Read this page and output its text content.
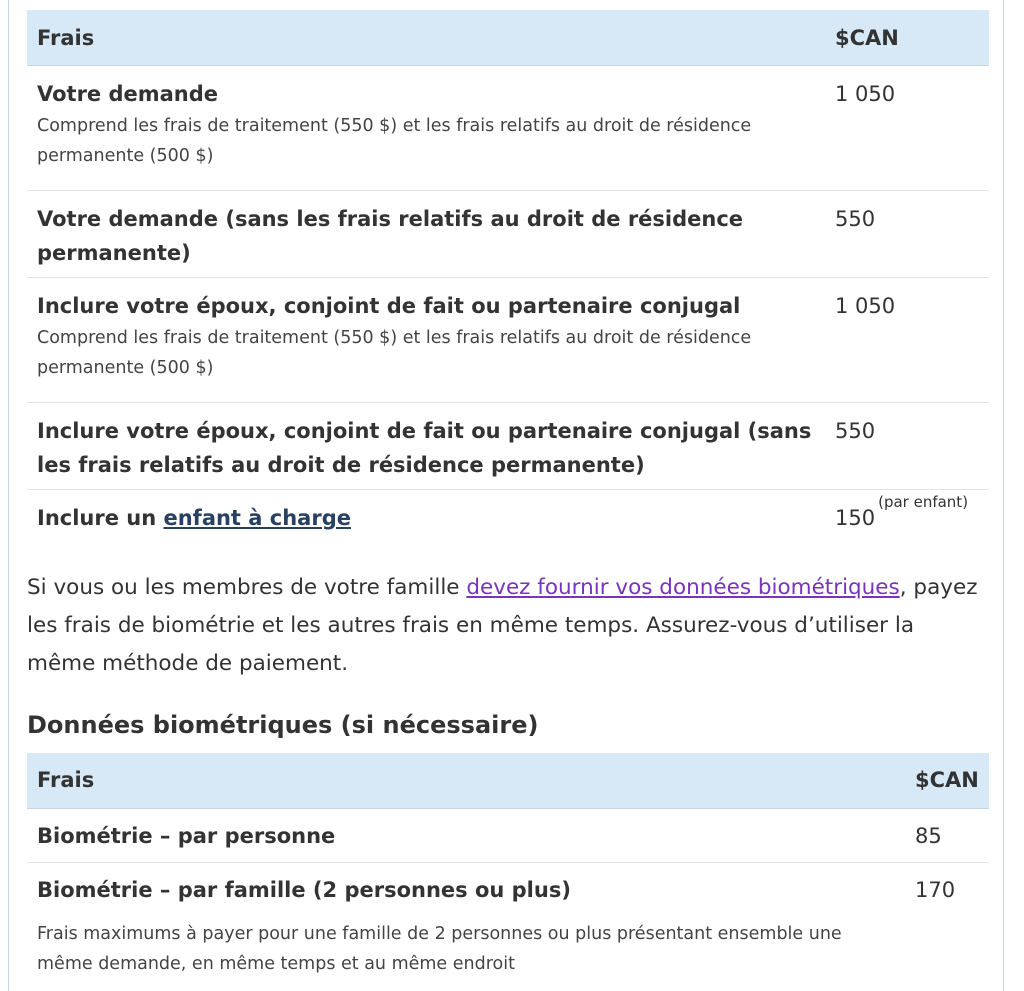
Frais	$CAN

Votre demande
Comprend les frais de traitement (550 $) et les frais relatifs au droit de résidence permanente (500 $)	1 050

Votre demande (sans les frais relatifs au droit de résidence permanente)	550

Inclure votre époux, conjoint de fait ou partenaire conjugal
Comprend les frais de traitement (550 $) et les frais relatifs au droit de résidence permanente (500 $)	1 050

Inclure votre époux, conjoint de fait ou partenaire conjugal (sans les frais relatifs au droit de résidence permanente)	550

Inclure un enfant à charge	150$^{(par enfant)}$

Si vous ou les membres de votre famille devez fournir vos données biométriques, payez les frais de biométrie et les autres frais en même temps. Assurez-vous d’utiliser la même méthode de paiement.

Données biométriques (si nécessaire)
Frais	$CAN

Biométrie – par personne	85

Biométrie – par famille (2 personnes ou plus)
Frais maximums à payer pour une famille de 2 personnes ou plus présentant ensemble une même demande, en même temps et au même endroit	170
